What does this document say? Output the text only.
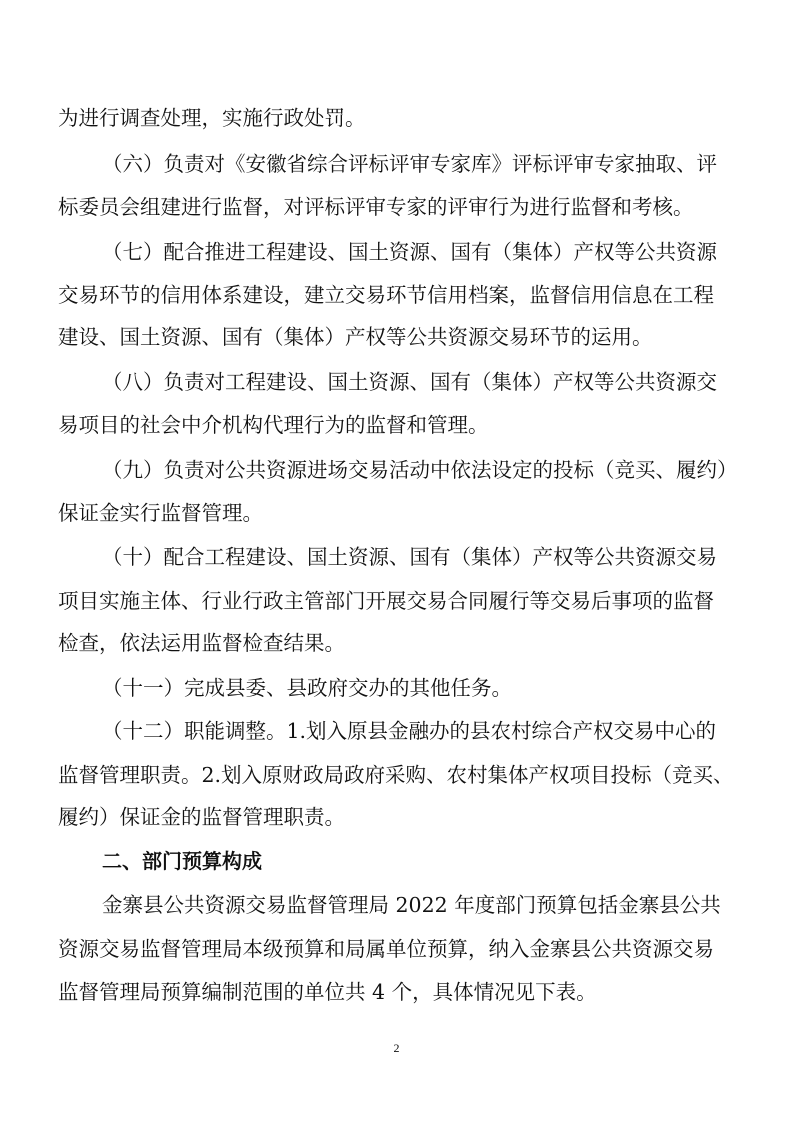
为进行调查处理，实施行政处罚。
（六）负责对《安徽省综合评标评审专家库》评标评审专家抽取、评
标委员会组建进行监督，对评标评审专家的评审行为进行监督和考核。
（七）配合推进工程建设、国土资源、国有（集体）产权等公共资源
交易环节的信用体系建设，建立交易环节信用档案，监督信用信息在工程
建设、国土资源、国有（集体）产权等公共资源交易环节的运用。
（八）负责对工程建设、国土资源、国有（集体）产权等公共资源交
易项目的社会中介机构代理行为的监督和管理。
（九）负责对公共资源进场交易活动中依法设定的投标（竞买、履约）
保证金实行监督管理。
（十）配合工程建设、国土资源、国有（集体）产权等公共资源交易
项目实施主体、行业行政主管部门开展交易合同履行等交易后事项的监督
检查，依法运用监督检查结果。
（十一）完成县委、县政府交办的其他任务。
（十二）职能调整。1.划入原县金融办的县农村综合产权交易中心的
监督管理职责。2.划入原财政局政府采购、农村集体产权项目投标（竞买、
履约）保证金的监督管理职责。
二、部门预算构成
金寨县公共资源交易监督管理局 2022 年度部门预算包括金寨县公共
资源交易监督管理局本级预算和局属单位预算，纳入金寨县公共资源交易
监督管理局预算编制范围的单位共 4 个，具体情况见下表。
2
